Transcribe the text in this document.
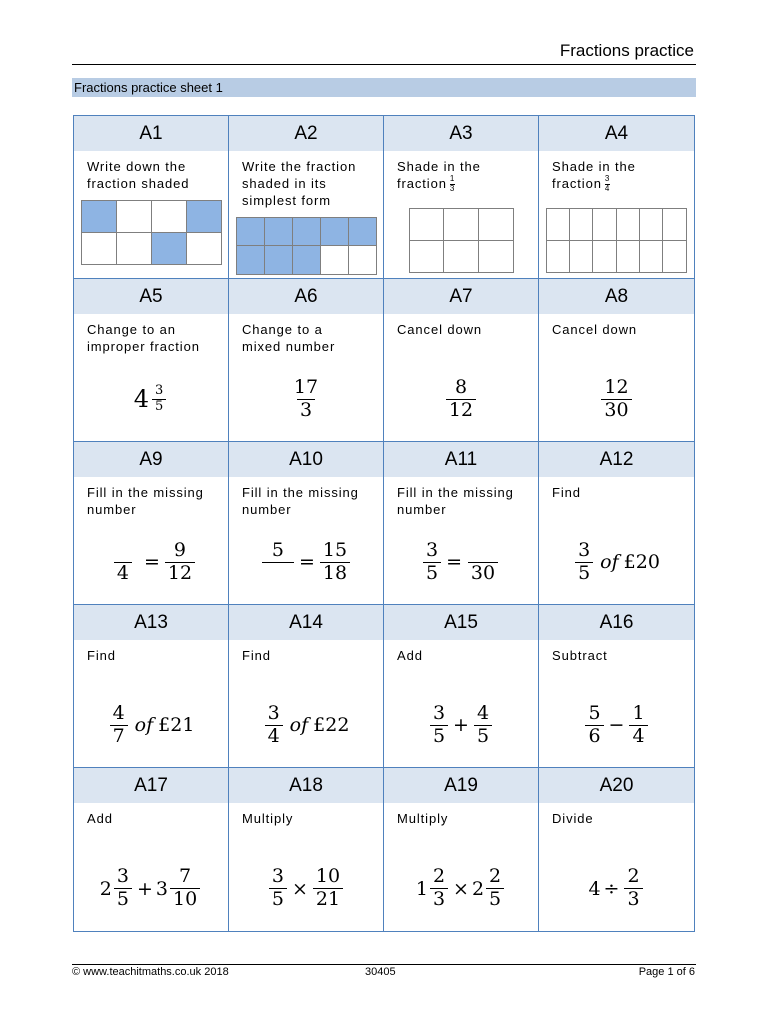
Fractions practice
Fractions practice sheet 1
A1
Write down the
fraction shaded
A2
Write the fraction
shaded in its
simplest form
A3
Shade in the
fraction $\frac{1}{3}$
A4
Shade in the
fraction $\frac{3}{4}$
A5
Change to an
improper fraction
$4 \frac{3}{5}$
A6
Change to a
mixed number
$\frac{17}{3}$
A7
Cancel down
$\frac{8}{12}$
A8
Cancel down
$\frac{12}{30}$
A9
Fill in the missing
number
$4 = \frac{9}{12}$
A10
Fill in the missing
number
5
= $\frac{15}{18}$
A11
Fill in the missing
number
$\frac{3}{5} = 30$
A12
Find
$\frac{3}{5}$ of £20
A13
Find
$\frac{4}{7}$ of £21
A14
Find
$\frac{3}{4}$ of £22
A15
Add
$\frac{3}{5} + \frac{4}{5}$
A16
Subtract
$\frac{5}{6} - \frac{1}{4}$
A17
Add
$2 \frac{3}{5} + 3 \frac{7}{10}$
A18
Multiply
$\frac{3}{5} \times \frac{10}{21}$
A19
Multiply
$1 \frac{2}{3} \times 2 \frac{2}{5}$
A20
Divide
$4 \div \frac{2}{3}$
© www.teachitmaths.co.uk 2018	30405	Page 1 of 6
